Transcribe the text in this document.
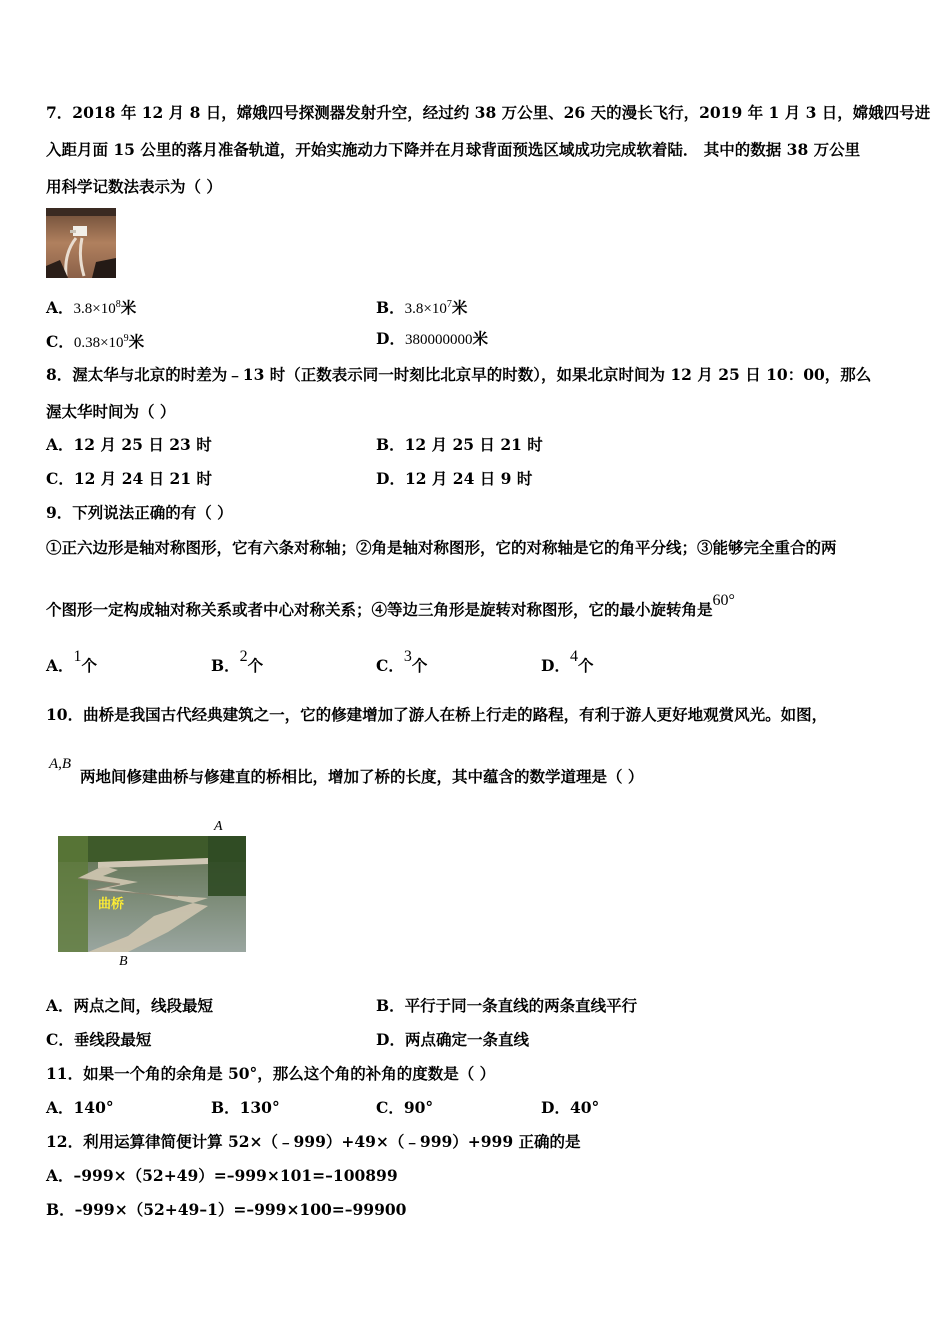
7．2018 年 12 月 8 日，嫦娥四号探测器发射升空，经过约 38 万公里、26 天的漫长飞行，2019 年 1 月 3 日，嫦娥四号进
入距月面 15 公里的落月准备轨道，开始实施动力下降并在月球背面预选区域成功完成软着陆． 其中的数据 38 万公里
用科学记数法表示为（ ）
A．$3.8\times 10^8$米	B．$3.8\times 10^7$米
C．$0.38\times 10^9$米	D．380000000米
8．渥太华与北京的时差为﹣13 时（正数表示同一时刻比北京早的时数），如果北京时间为 12 月 25 日 10：00，那么
渥太华时间为（ ）
A．12 月 25 日 23 时	B．12 月 25 日 21 时
C．12 月 24 日 21 时	D．12 月 24 日 9 时
9．下列说法正确的有（ ）
①正六边形是轴对称图形，它有六条对称轴；②角是轴对称图形，它的对称轴是它的角平分线；③能够完全重合的两
个图形一定构成轴对称关系或者中心对称关系；④等边三角形是旋转对称图形，它的最小旋转角是60°
A．1个	B．2个	C．3个	D．4个
10．曲桥是我国古代经典建筑之一，它的修建增加了游人在桥上行走的路程，有利于游人更好地观赏风光。如图，
A,B
两地间修建曲桥与修建直的桥相比，增加了桥的长度，其中蕴含的数学道理是（ ）
A
曲桥
B
A．两点之间，线段最短	B．平行于同一条直线的两条直线平行
C．垂线段最短	D．两点确定一条直线
11．如果一个角的余角是 50°，那么这个角的补角的度数是（ ）
A．140°	B．130°	C．90°	D．40°
12．利用运算律简便计算 52×（﹣999）+49×（﹣999）+999 正确的是
A．–999×（52+49）=–999×101=–100899
B．–999×（52+49–1）=–999×100=–99900
